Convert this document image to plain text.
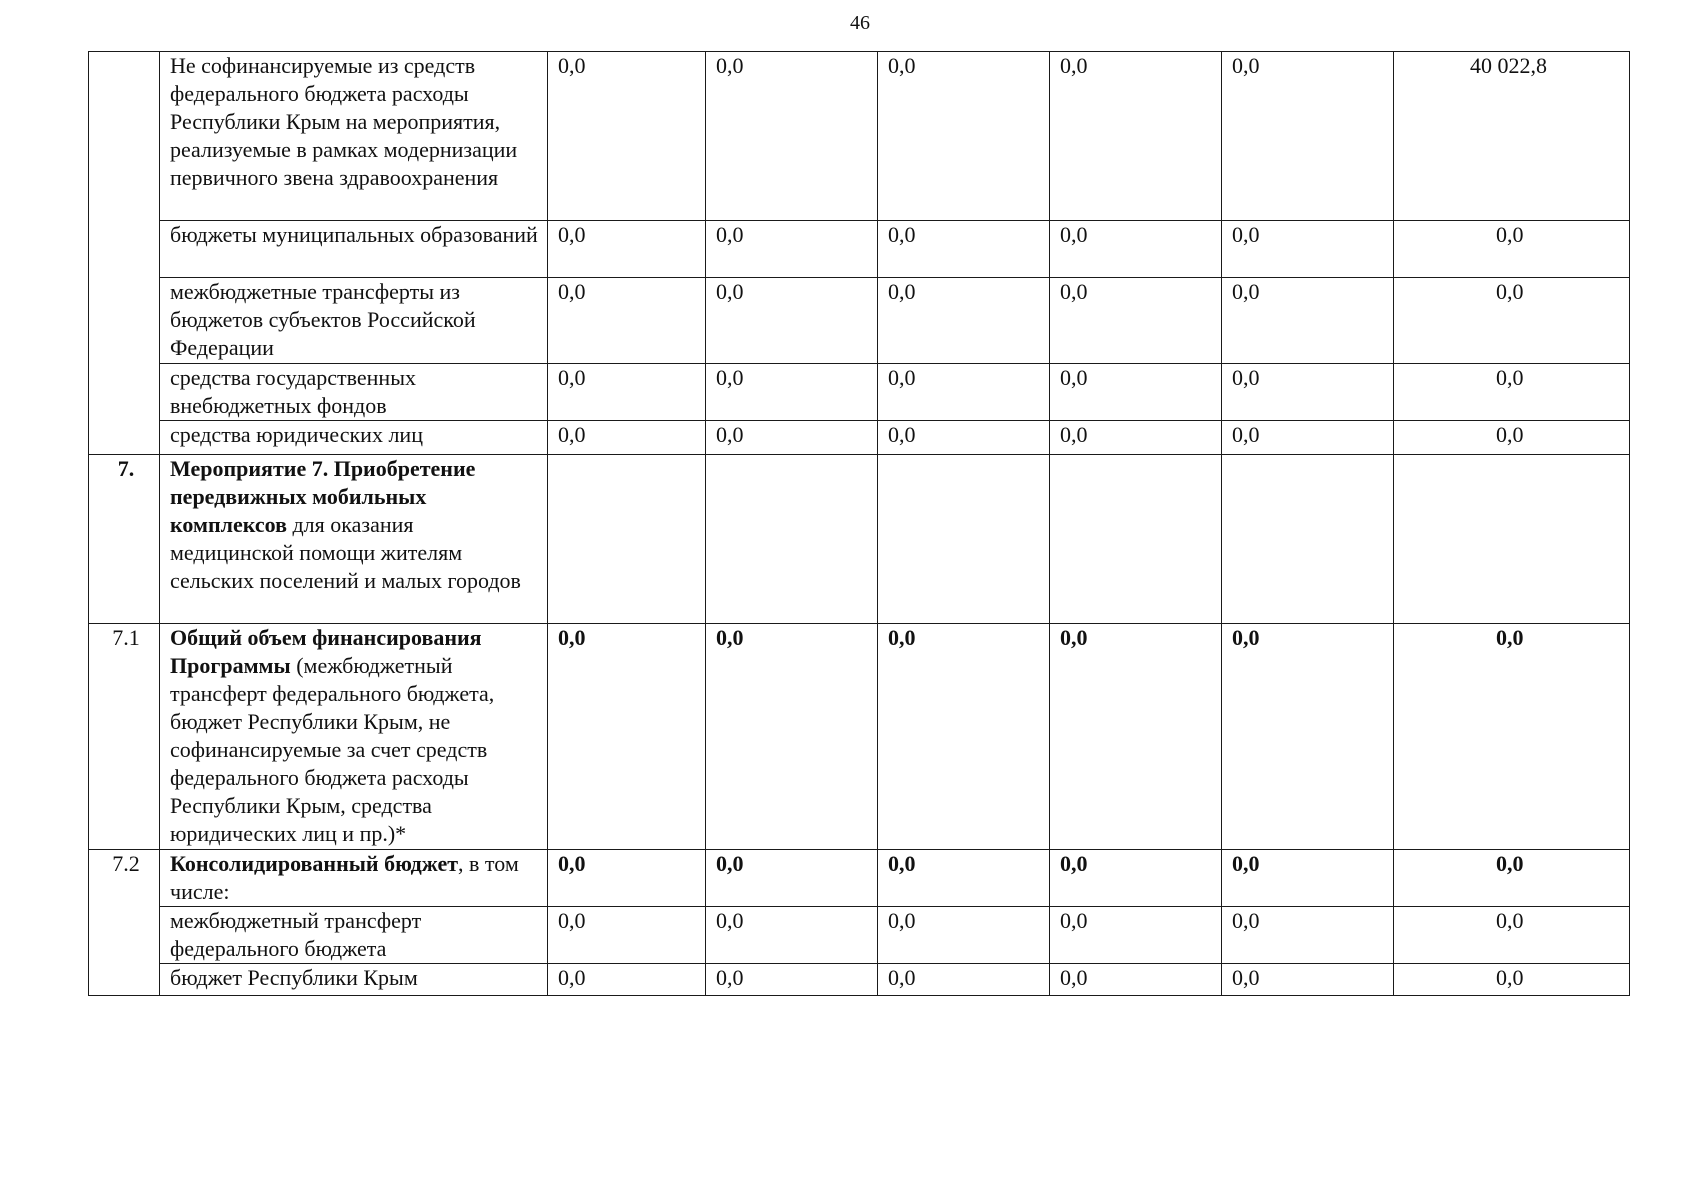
46
	Не софинансируемые из средств федерального бюджета расходы Республики Крым на мероприятия, реализуемые в рамках модернизации первичного звена здравоохранения	0,0	0,0	0,0	0,0	0,0	40 022,8
	бюджеты муниципальных образований	0,0	0,0	0,0	0,0	0,0	0,0
	межбюджетные трансферты из бюджетов субъектов Российской Федерации	0,0	0,0	0,0	0,0	0,0	0,0
	средства государственных внебюджетных фондов	0,0	0,0	0,0	0,0	0,0	0,0
	средства юридических лиц	0,0	0,0	0,0	0,0	0,0	0,0
7.	Мероприятие 7. Приобретение передвижных мобильных комплексов для оказания медицинской помощи жителям сельских поселений и малых городов						
7.1	Общий объем финансирования Программы (межбюджетный трансферт федерального бюджета, бюджет Республики Крым, не софинансируемые за счет средств федерального бюджета расходы Республики Крым, средства юридических лиц и пр.)*	0,0	0,0	0,0	0,0	0,0	0,0
7.2	Консолидированный бюджет, в том числе:	0,0	0,0	0,0	0,0	0,0	0,0
	межбюджетный трансферт федерального бюджета	0,0	0,0	0,0	0,0	0,0	0,0
	бюджет Республики Крым	0,0	0,0	0,0	0,0	0,0	0,0
